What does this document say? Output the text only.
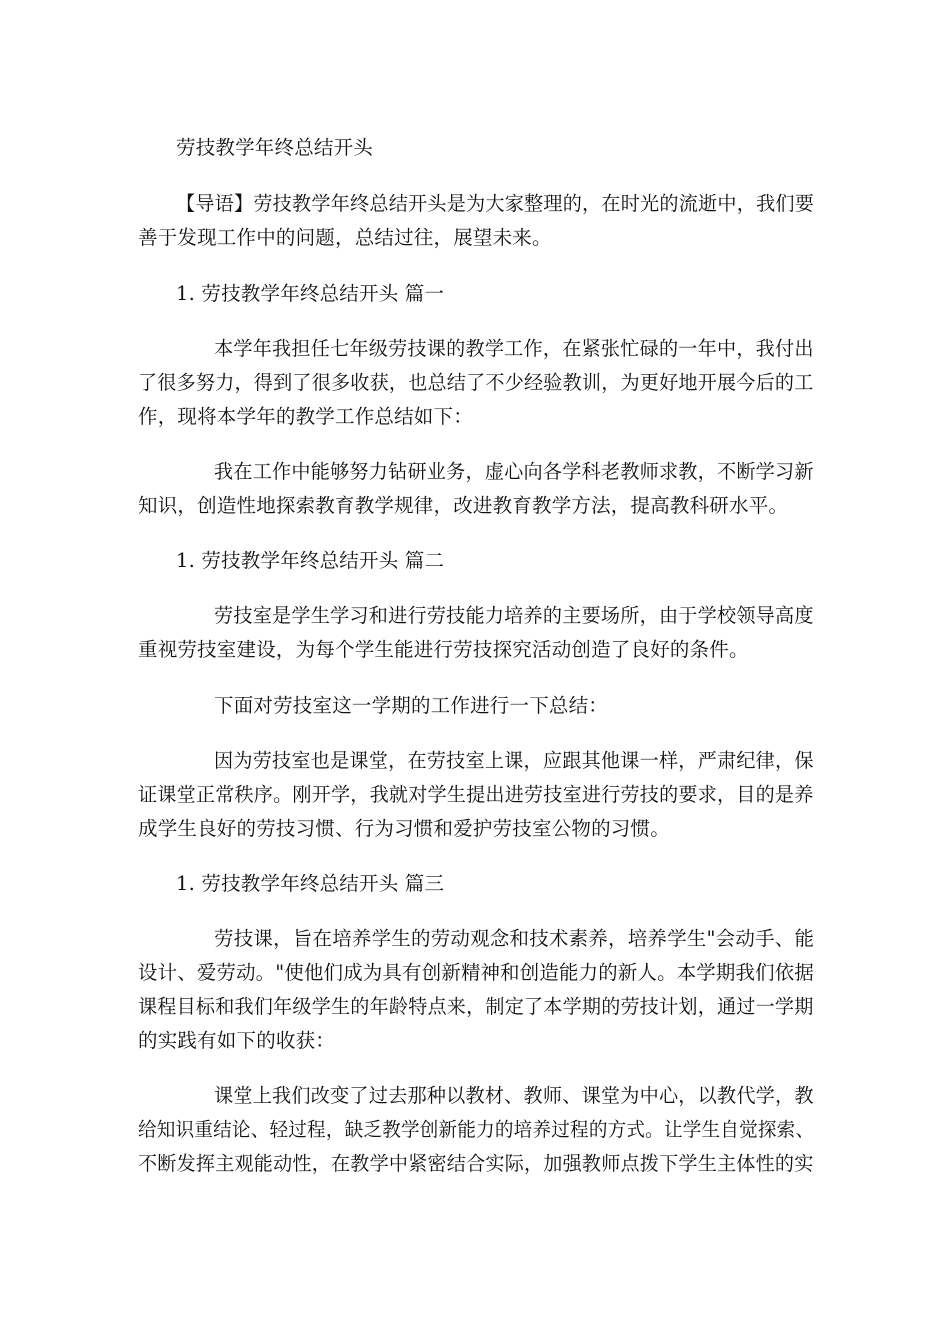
劳技教学年终总结开头
【导语】劳技教学年终总结开头是为大家整理的，在时光的流逝中，我们要
善于发现工作中的问题，总结过往，展望未来。
1. 劳技教学年终总结开头 篇一
本学年我担任七年级劳技课的教学工作，在紧张忙碌的一年中，我付出
了很多努力，得到了很多收获，也总结了不少经验教训，为更好地开展今后的工
作，现将本学年的教学工作总结如下：
我在工作中能够努力钻研业务，虚心向各学科老教师求教，不断学习新
知识，创造性地探索教育教学规律，改进教育教学方法，提高教科研水平。
1. 劳技教学年终总结开头 篇二
劳技室是学生学习和进行劳技能力培养的主要场所，由于学校领导高度
重视劳技室建设，为每个学生能进行劳技探究活动创造了良好的条件。
下面对劳技室这一学期的工作进行一下总结：
因为劳技室也是课堂，在劳技室上课，应跟其他课一样，严肃纪律，保
证课堂正常秩序。刚开学，我就对学生提出进劳技室进行劳技的要求，目的是养
成学生良好的劳技习惯、行为习惯和爱护劳技室公物的习惯。
1. 劳技教学年终总结开头 篇三
劳技课，旨在培养学生的劳动观念和技术素养，培养学生"会动手、能
设计、爱劳动。"使他们成为具有创新精神和创造能力的新人。本学期我们依据
课程目标和我们年级学生的年龄特点来，制定了本学期的劳技计划，通过一学期
的实践有如下的收获：
课堂上我们改变了过去那种以教材、教师、课堂为中心，以教代学，教
给知识重结论、轻过程，缺乏教学创新能力的培养过程的方式。让学生自觉探索、
不断发挥主观能动性，在教学中紧密结合实际，加强教师点拨下学生主体性的实
